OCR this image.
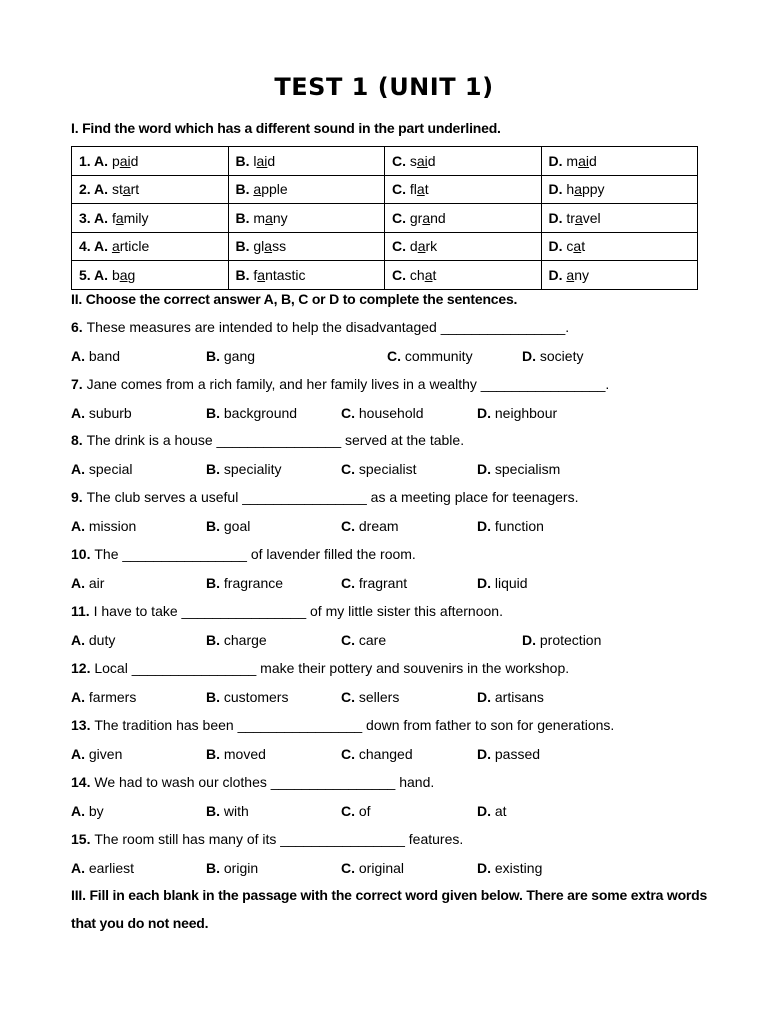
TEST 1 (UNIT 1)
I. Find the word which has a different sound in the part underlined.
1. A. paid	B. laid	C. said	D. maid
2. A. start	B. apple	C. flat	D. happy
3. A. family	B. many	C. grand	D. travel
4. A. article	B. glass	C. dark	D. cat
5. A. bag	B. fantastic	C. chat	D. any
II. Choose the correct answer A, B, C or D to complete the sentences.
6. These measures are intended to help the disadvantaged ________________.
A. band	B. gang	C. community	D. society
7. Jane comes from a rich family, and her family lives in a wealthy ________________.
A. suburb	B. background	C. household	D. neighbour
8. The drink is a house ________________ served at the table.
A. special	B. speciality	C. specialist	D. specialism
9. The club serves a useful ________________ as a meeting place for teenagers.
A. mission	B. goal	C. dream	D. function
10. The ________________ of lavender filled the room.
A. air	B. fragrance	C. fragrant	D. liquid
11. I have to take ________________ of my little sister this afternoon.
A. duty	B. charge	C. care	D. protection
12. Local ________________ make their pottery and souvenirs in the workshop.
A. farmers	B. customers	C. sellers	D. artisans
13. The tradition has been ________________ down from father to son for generations.
A. given	B. moved	C. changed	D. passed
14. We had to wash our clothes ________________ hand.
A. by	B. with	C. of	D. at
15. The room still has many of its ________________ features.
A. earliest	B. origin	C. original	D. existing
III. Fill in each blank in the passage with the correct word given below. There are some extra words that you do not need.
